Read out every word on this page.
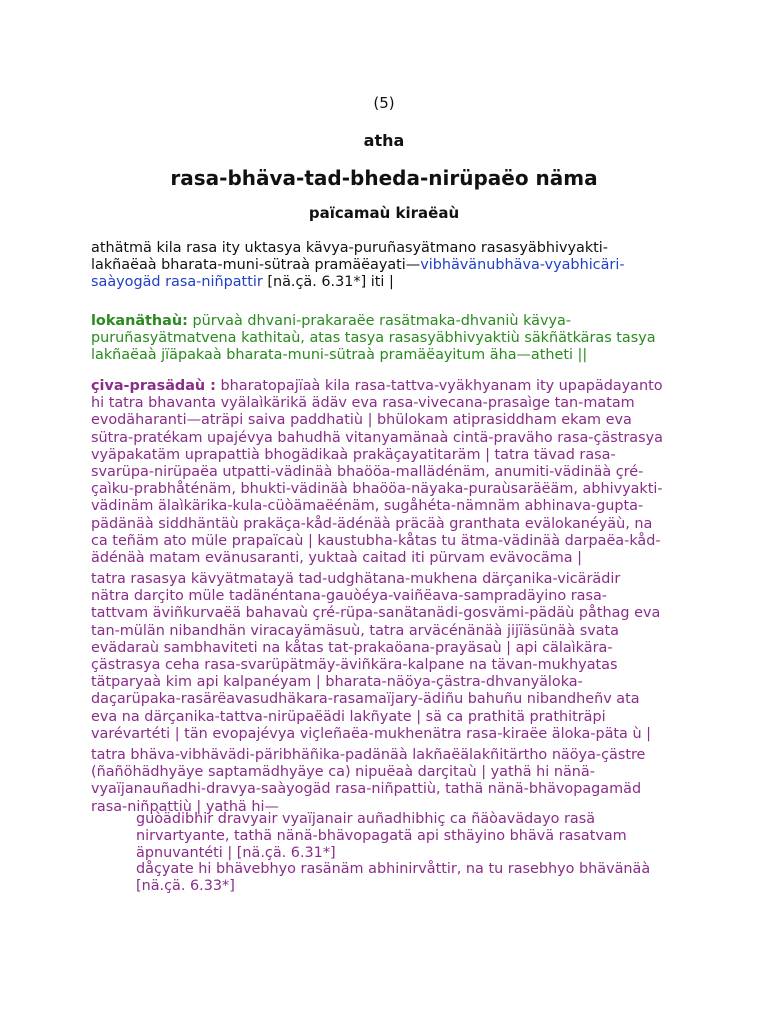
(5)
atha
rasa-bhäva-tad-bheda-nirüpaëo näma
païcamaù kiraëaù

athätmä kila rasa ity uktasya kävya-puruñasyätmano rasasyäbhivyakti-lakñaëaà bharata-muni-sütraà pramäëayati—vibhävänubhäva-vyabhicäri-saàyogäd rasa-niñpattir [nä.çä. 6.31*] iti |

lokanäthaù: pürvaà dhvani-prakaraëe rasätmaka-dhvaniù kävya-puruñasyätmatvena kathitaù, atas tasya rasasyäbhivyaktiù säkñätkäras tasya lakñaëaà jïäpakaà bharata-muni-sütraà pramäëayitum äha—atheti ||

çiva-prasädaù : bharatopajïaà kila rasa-tattva-vyäkhyanam ity upapädayanto hi tatra bhavanta vyälaìkärikä ädäv eva rasa-vivecana-prasaìge tan-matam evodäharanti—aträpi saiva paddhatiù | bhülokam atiprasiddham ekam eva sütra-pratékam upajévya bahudhä vitanyamänaà cintä-praväho rasa-çästrasya vyäpakatäm uprapattià bhogädikaà prakäçayatitaräm | tatra tävad rasa-svarüpa-nirüpaëa utpatti-vädinäà bhaööa-mallädénäm, anumiti-vädinäà çré-çaìku-prabhåténäm, bhukti-vädinäà bhaööa-näyaka-puraùsaräëäm, abhivyakti-vädinäm älaìkärika-kula-cüòämaëénäm, sugåhéta-nämnäm abhinava-gupta-pädänäà siddhäntäù prakäça-kåd-ädénäà präcäà granthata evälokanéyäù, na ca teñäm ato müle prapaïcaù | kaustubha-kåtas tu ätma-vädinäà darpaëa-kåd-ädénäà matam evänusaranti, yuktaà caitad iti pürvam evävocäma |

tatra rasasya kävyätmatayä tad-udghätana-mukhena därçanika-vicärädir nätra darçito müle tadänéntana-gauòéya-vaiñëava-sampradäyino rasa-tattvam äviñkurvaëä bahavaù çré-rüpa-sanätanädi-gosvämi-pädäù påthag eva tan-mülän nibandhän viracayämäsuù, tatra arväcénänäà jijïäsünäà svata evädaraù sambhaviteti na kåtas tat-prakaöana-prayäsaù | api cälaìkära-çästrasya ceha rasa-svarüpätmäy-äviñkära-kalpane na tävan-mukhyatas tätparyaà kim api kalpanéyam | bharata-näöya-çästra-dhvanyäloka-daçarüpaka-rasärëavasudhäkara-rasamaïjary-ädiñu bahuñu nibandheñv ata eva na därçanika-tattva-nirüpaëädi lakñyate | sä ca prathitä prathiträpi varévartéti | tän evopajévya viçleñaëa-mukhenätra rasa-kiraëe äloka-päta ù |

tatra bhäva-vibhävädi-päribhäñika-padänäà lakñaëälakñitärtho näöya-çästre (ñañöhädhyäye saptamädhyäye ca) nipuëaà darçitaù | yathä hi nänä-vyaïjanauñadhi-dravya-saàyogäd rasa-niñpattiù, tathä nänä-bhävopagamäd rasa-niñpattiù | yathä hi—

guòädibhir dravyair vyaïjanair auñadhibhiç ca ñäòavädayo rasä nirvartyante, tathä nänä-bhävopagatä api sthäyino bhävä rasatvam äpnuvantéti | [nä.çä. 6.31*]

dåçyate hi bhävebhyo rasänäm abhinirvåttir, na tu rasebhyo bhävänäà [nä.çä. 6.33*]
